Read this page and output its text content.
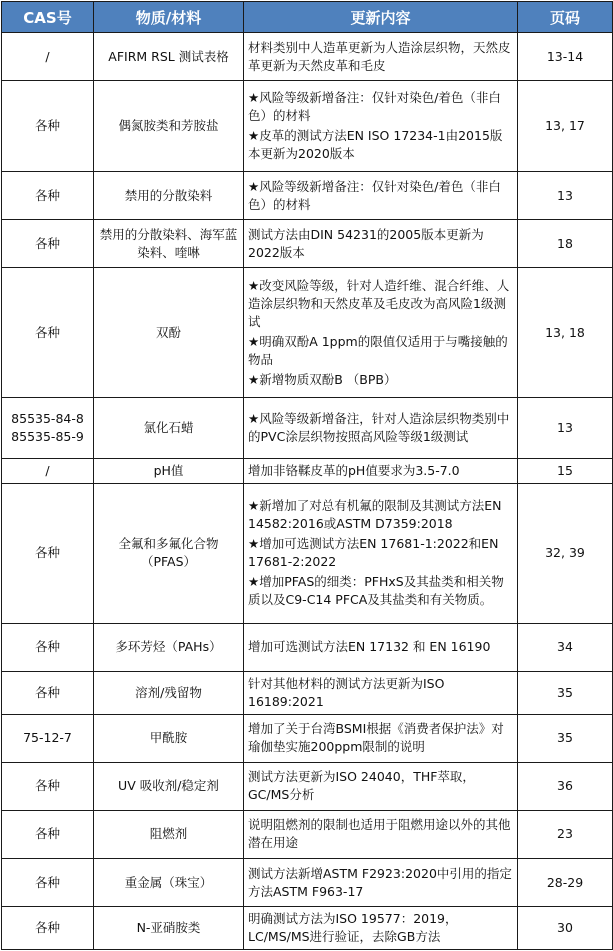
CAS号	物质/材料	更新内容	页码

/	AFIRM RSL 测试表格	材料类别中人造革更新为人造涂层织物，天然皮革更新为天然皮革和毛皮	13-14

各种	偶氮胺类和芳胺盐	★风险等级新增备注：仅针对染色/着色（非白色）的材料
★皮革的测试方法EN ISO 17234-1由2015版本更新为2020版本	13, 17

各种	禁用的分散染料	★风险等级新增备注：仅针对染色/着色（非白色）的材料	13

各种	禁用的分散染料、海军蓝染料、喹啉	测试方法由DIN 54231的2005版本更新为2022版本	18

各种	双酚	★改变风险等级，针对人造纤维、混合纤维、人造涂层织物和天然皮革及毛皮改为高风险1级测试
★明确双酚A 1ppm的限值仅适用于与嘴接触的物品
★新增物质双酚B （BPB）	13, 18

85535-84-8
85535-85-9	氯化石蜡	★风险等级新增备注，针对人造涂层织物类别中的PVC涂层织物按照高风险等级1级测试	13

/	pH值	增加非铬鞣皮革的pH值要求为3.5-7.0	15

各种	全氟和多氟化合物（PFAS）	★新增加了对总有机氟的限制及其测试方法EN 14582:2016或ASTM D7359:2018
★增加可选测试方法EN 17681-1:2022和EN 17681-2:2022
★增加PFAS的细类：PFHxS及其盐类和相关物质以及C9-C14 PFCA及其盐类和有关物质。	32, 39

各种	多环芳烃（PAHs）	增加可选测试方法EN 17132 和 EN 16190	34

各种	溶剂/残留物	针对其他材料的测试方法更新为ISO 16189:2021	35

75-12-7	甲酰胺	增加了关于台湾BSMI根据《消费者保护法》对瑜伽垫实施200ppm限制的说明	35

各种	UV 吸收剂/稳定剂	测试方法更新为ISO 24040，THF萃取，GC/MS分析	36

各种	阻燃剂	说明阻燃剂的限制也适用于阻燃用途以外的其他潜在用途	23

各种	重金属（珠宝）	测试方法新增ASTM F2923:2020中引用的指定方法ASTM F963-17	28-29

各种	N-亚硝胺类	明确测试方法为ISO 19577：2019，LC/MS/MS进行验证，去除GB方法	30
